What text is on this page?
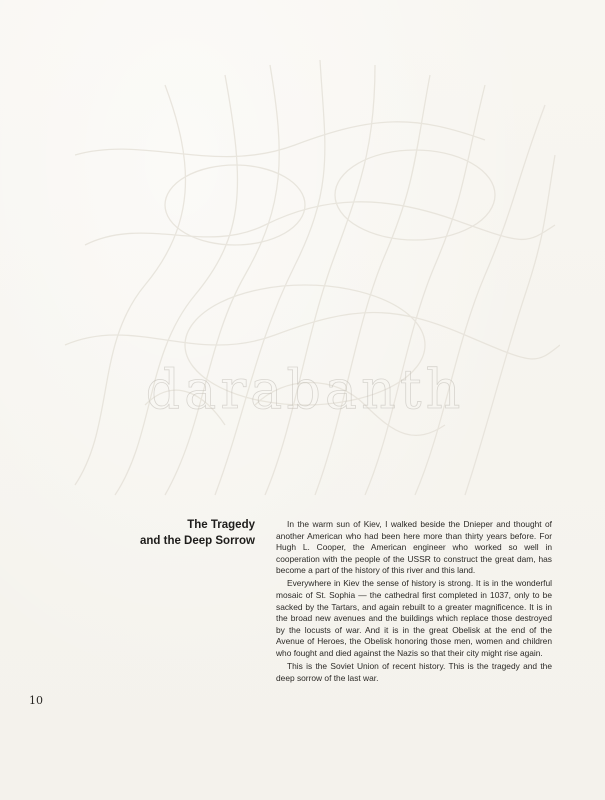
darabanth
The Tragedy
and the Deep Sorrow

In the warm sun of Kiev, I walked beside the Dnieper and thought of another American who had been here more than thirty years before. For Hugh L. Cooper, the American engineer who worked so well in cooperation with the people of the USSR to construct the great dam, has become a part of the history of this river and this land.

Everywhere in Kiev the sense of history is strong. It is in the wonderful mosaic of St. Sophia — the cathedral first completed in 1037, only to be sacked by the Tartars, and again rebuilt to a greater magnificence. It is in the broad new avenues and the buildings which replace those destroyed by the locusts of war. And it is in the great Obelisk at the end of the Avenue of Heroes, the Obelisk honoring those men, women and children who fought and died against the Nazis so that their city might rise again.

This is the Soviet Union of recent history. This is the tragedy and the deep sorrow of the last war.

10
